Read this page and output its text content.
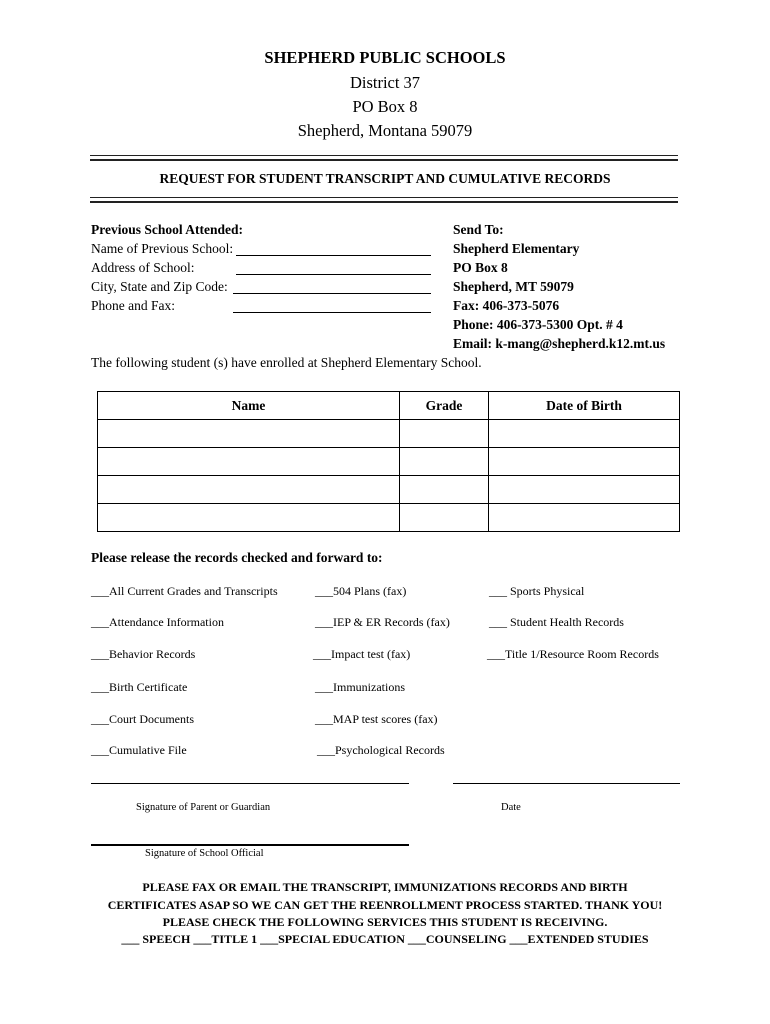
SHEPHERD PUBLIC SCHOOLS
District 37
PO Box 8
Shepherd, Montana 59079
REQUEST FOR STUDENT TRANSCRIPT AND CUMULATIVE RECORDS
Previous School Attended:
Name of Previous School:
Address of School:
City, State and Zip Code:
Phone and Fax:
Send To:
Shepherd Elementary
PO Box 8
Shepherd, MT 59079
Fax: 406-373-5076
Phone: 406-373-5300 Opt. # 4
Email: k-mang@shepherd.k12.mt.us
The following student (s) have enrolled at Shepherd Elementary School.
Name	Grade	Date of Birth

Please release the records checked and forward to:
___All Current Grades and Transcripts
___Attendance Information
___Behavior Records
___Birth Certificate
___Court Documents
___Cumulative File
___504 Plans (fax)
___IEP & ER Records (fax)
___Impact test (fax)
___Immunizations
___MAP test scores (fax)
___Psychological Records
___ Sports Physical
___ Student Health Records
___Title 1/Resource Room Records
Signature of Parent or Guardian	Date
Signature of School Official
PLEASE FAX OR EMAIL THE TRANSCRIPT, IMMUNIZATIONS RECORDS AND BIRTH
CERTIFICATES ASAP SO WE CAN GET THE REENROLLMENT PROCESS STARTED. THANK YOU!
PLEASE CHECK THE FOLLOWING SERVICES THIS STUDENT IS RECEIVING.
___ SPEECH ___TITLE 1 ___SPECIAL EDUCATION ___COUNSELING ___EXTENDED STUDIES
